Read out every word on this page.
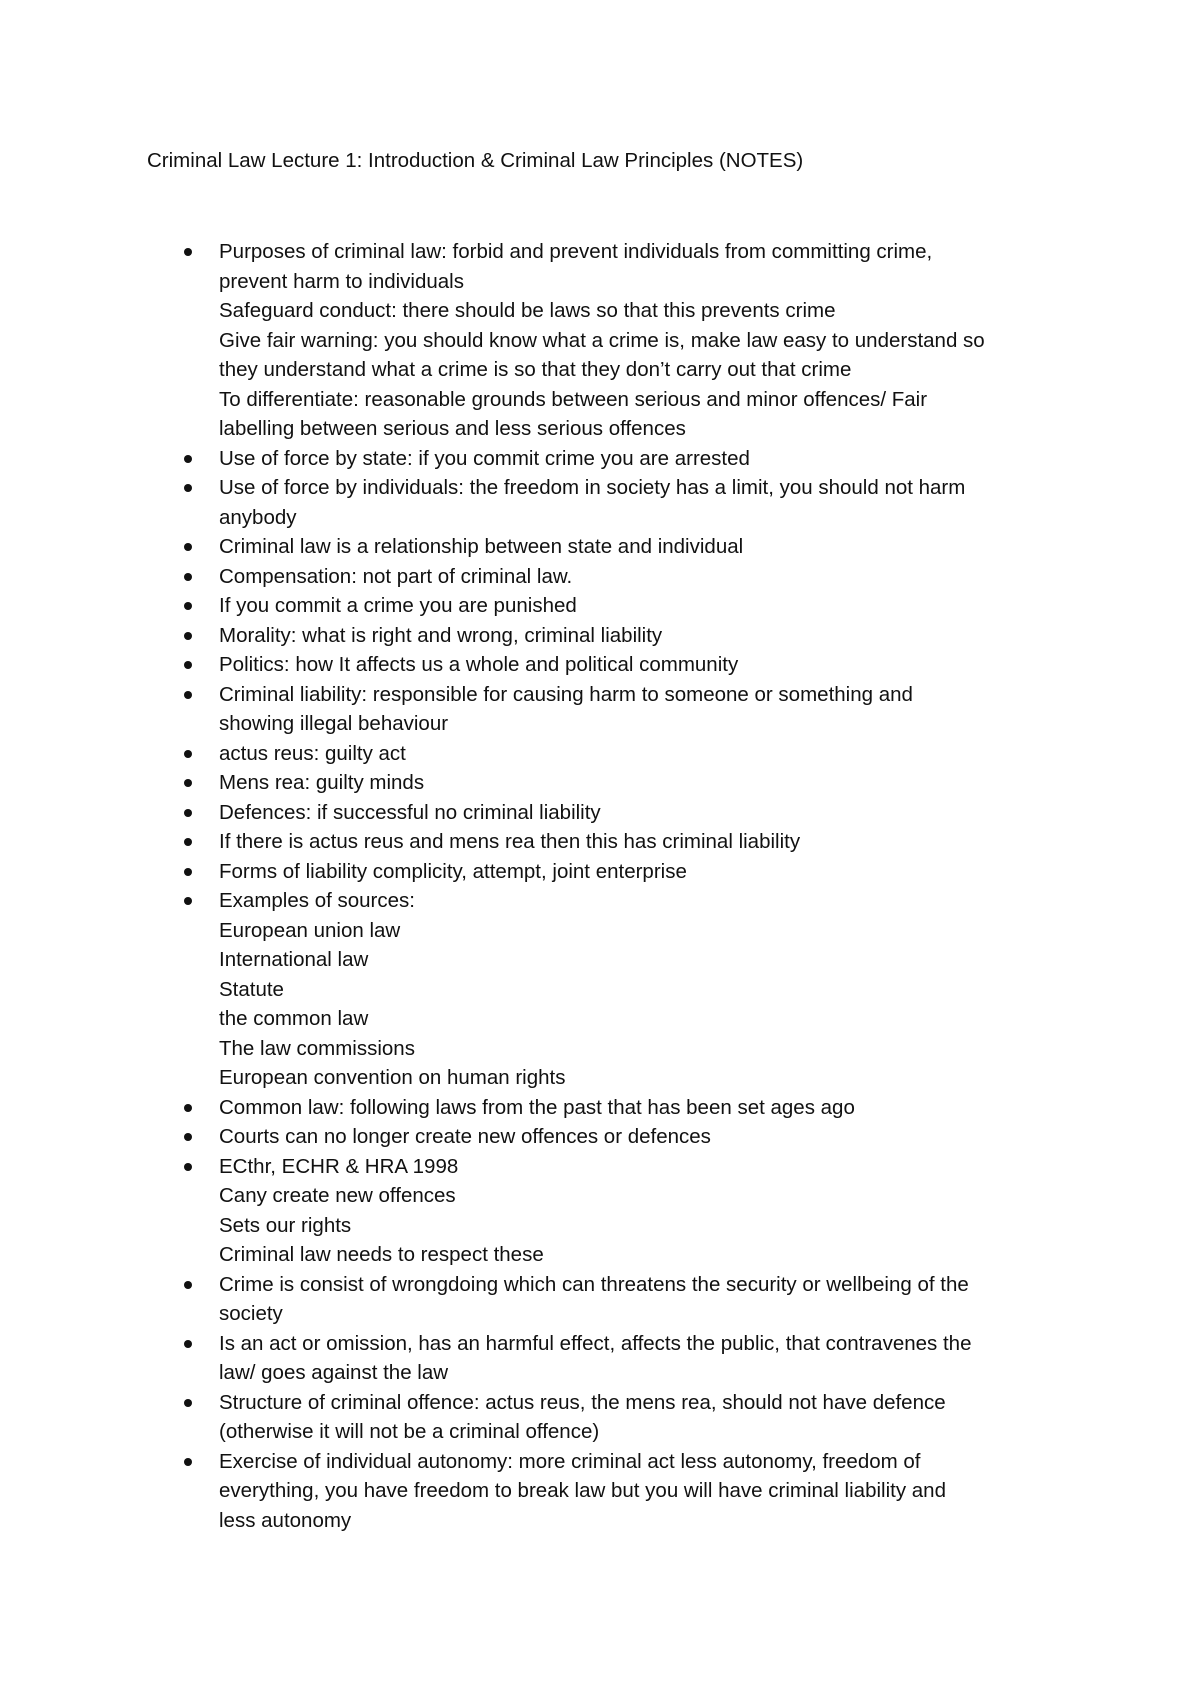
Criminal Law Lecture 1: Introduction & Criminal Law Principles (NOTES)
Purposes of criminal law: forbid and prevent individuals from committing crime,
prevent harm to individuals
Safeguard conduct: there should be laws so that this prevents crime
Give fair warning: you should know what a crime is, make law easy to understand so
they understand what a crime is so that they don’t carry out that crime
To differentiate: reasonable grounds between serious and minor offences/ Fair
labelling between serious and less serious offences
Use of force by state: if you commit crime you are arrested
Use of force by individuals: the freedom in society has a limit, you should not harm
anybody
Criminal law is a relationship between state and individual
Compensation: not part of criminal law.
If you commit a crime you are punished
Morality: what is right and wrong, criminal liability
Politics: how It affects us a whole and political community
Criminal liability: responsible for causing harm to someone or something and
showing illegal behaviour
actus reus: guilty act
Mens rea: guilty minds
Defences: if successful no criminal liability
If there is actus reus and mens rea then this has criminal liability
Forms of liability complicity, attempt, joint enterprise
Examples of sources:
European union law
International law
Statute
the common law
The law commissions
European convention on human rights
Common law: following laws from the past that has been set ages ago
Courts can no longer create new offences or defences
ECthr, ECHR & HRA 1998
Cany create new offences
Sets our rights
Criminal law needs to respect these
Crime is consist of wrongdoing which can threatens the security or wellbeing of the
society
Is an act or omission, has an harmful effect, affects the public, that contravenes the
law/ goes against the law
Structure of criminal offence: actus reus, the mens rea, should not have defence
(otherwise it will not be a criminal offence)
Exercise of individual autonomy: more criminal act less autonomy, freedom of
everything, you have freedom to break law but you will have criminal liability and
less autonomy
